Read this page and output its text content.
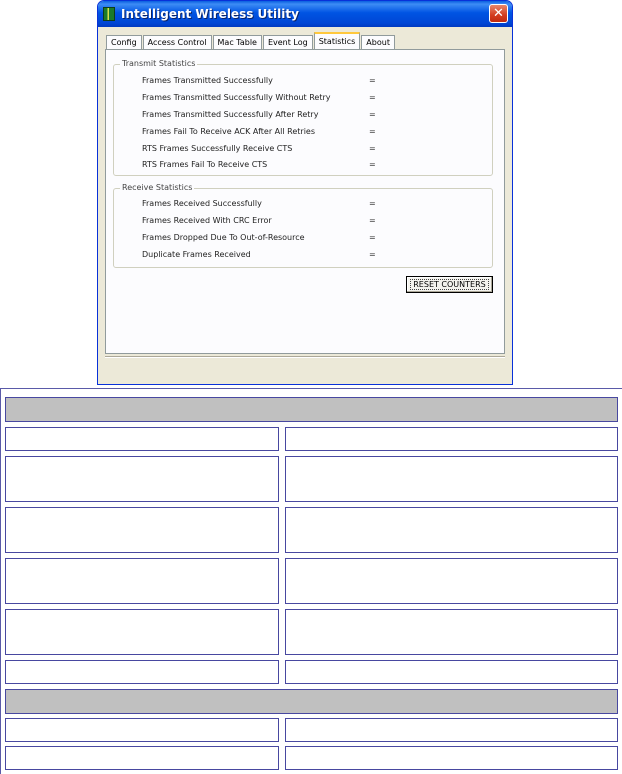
Intelligent Wireless Utility	✕
Config	Access Control	Mac Table	Event Log	Statistics	About
Transmit Statistics
Frames Transmitted Successfully	=
Frames Transmitted Successfully Without Retry	=
Frames Transmitted Successfully After Retry	=
Frames Fail To Receive ACK After All Retries	=
RTS Frames Successfully Receive CTS	=
RTS Frames Fail To Receive CTS	=
Receive Statistics
Frames Received Successfully	=
Frames Received With CRC Error	=
Frames Dropped Due To Out-of-Resource	=
Duplicate Frames Received	=
RESET COUNTERS
